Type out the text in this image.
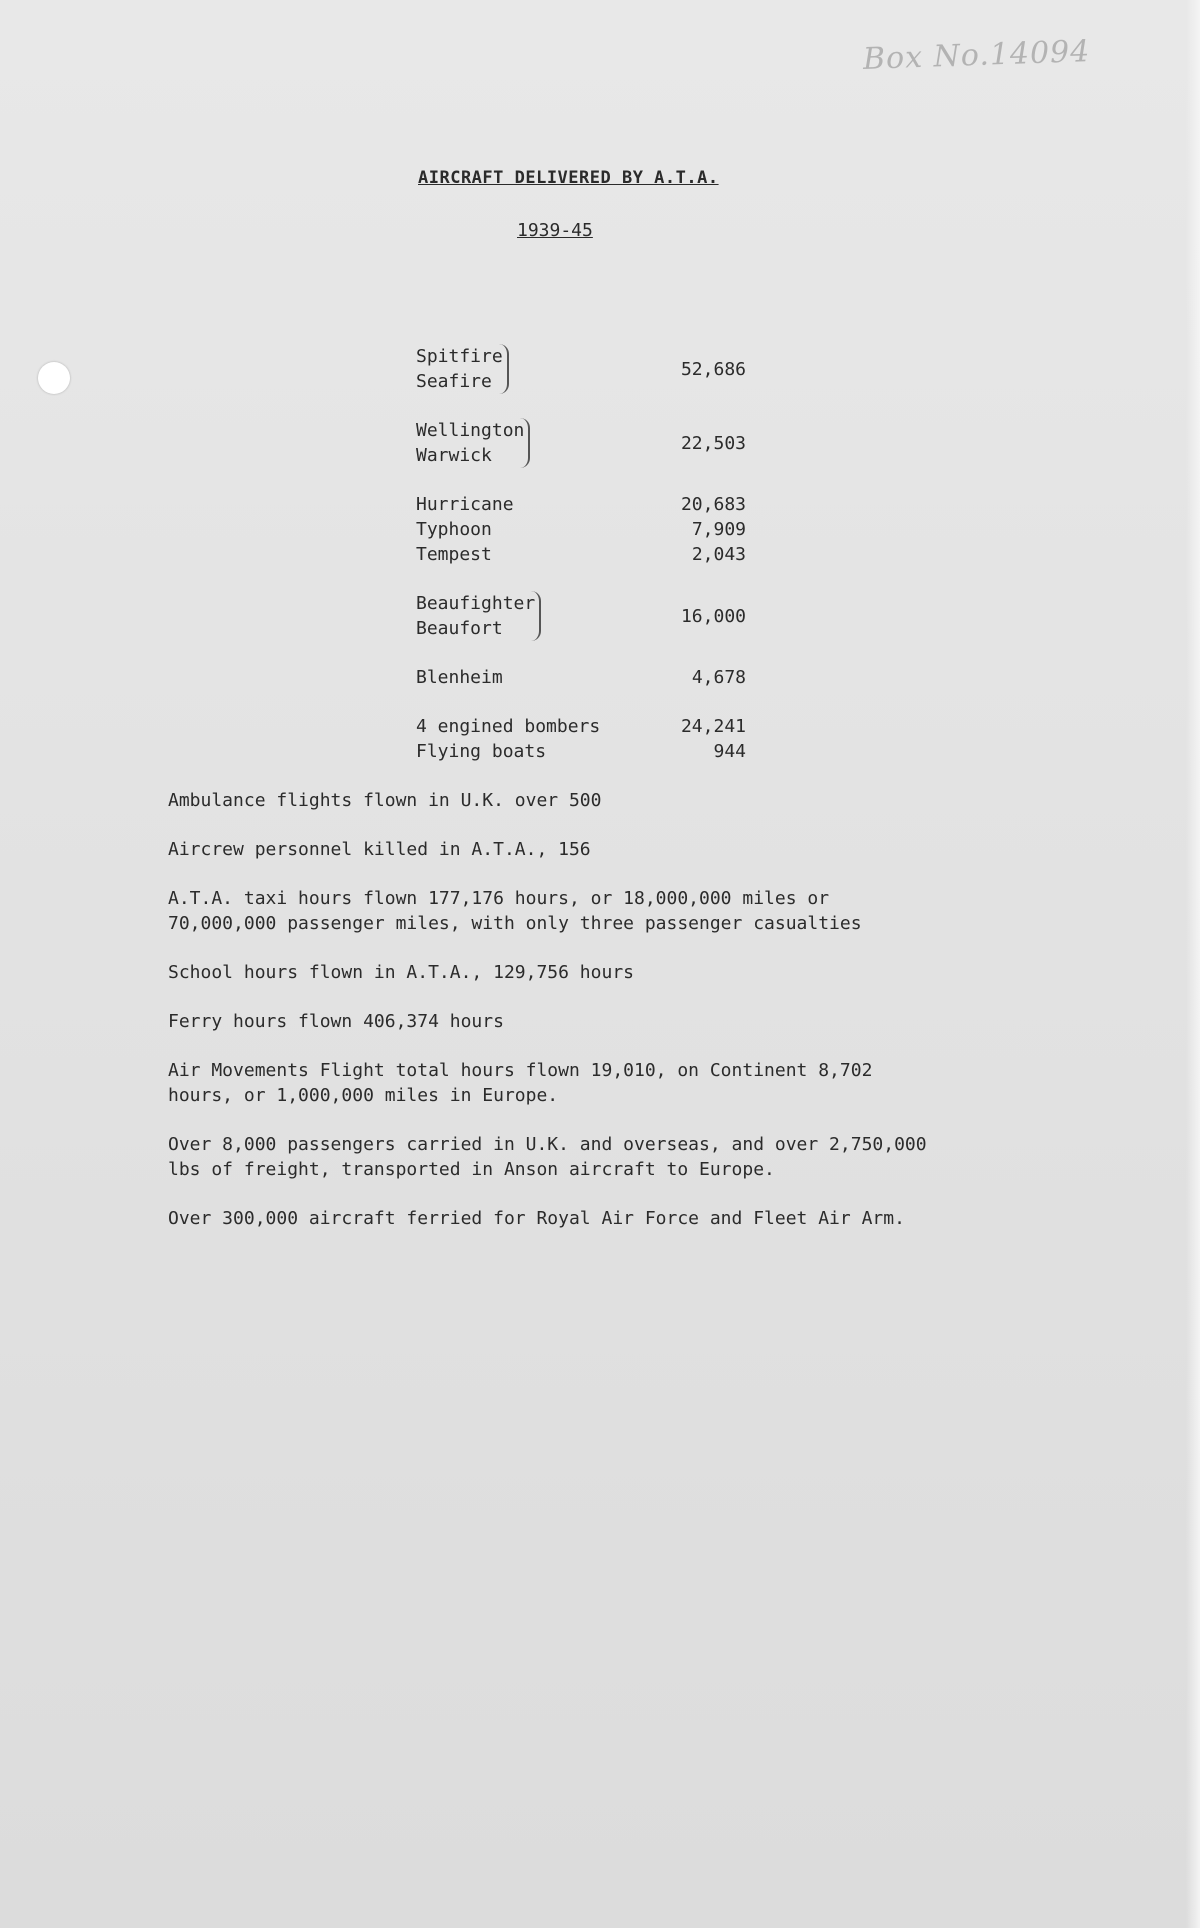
Box No.14094
AIRCRAFT DELIVERED BY A.T.A.
1939-45
Spitfire
Seafire
52,686
Wellington
Warwick
22,503
Hurricane
Typhoon
Tempest
20,683
7,909
2,043
Beaufighter
Beaufort
16,000
Blenheim	4,678
4 engined bombers
Flying boats
24,241
944
Ambulance flights flown in U.K. over 500
Aircrew personnel killed in A.T.A., 156
A.T.A. taxi hours flown 177,176 hours, or 18,000,000 miles or
70,000,000 passenger miles, with only three passenger casualties
School hours flown in A.T.A., 129,756 hours
Ferry hours flown 406,374 hours
Air Movements Flight total hours flown 19,010, on Continent 8,702
hours, or 1,000,000 miles in Europe.
Over 8,000 passengers carried in U.K. and overseas, and over 2,750,000
lbs of freight, transported in Anson aircraft to Europe.
Over 300,000 aircraft ferried for Royal Air Force and Fleet Air Arm.
